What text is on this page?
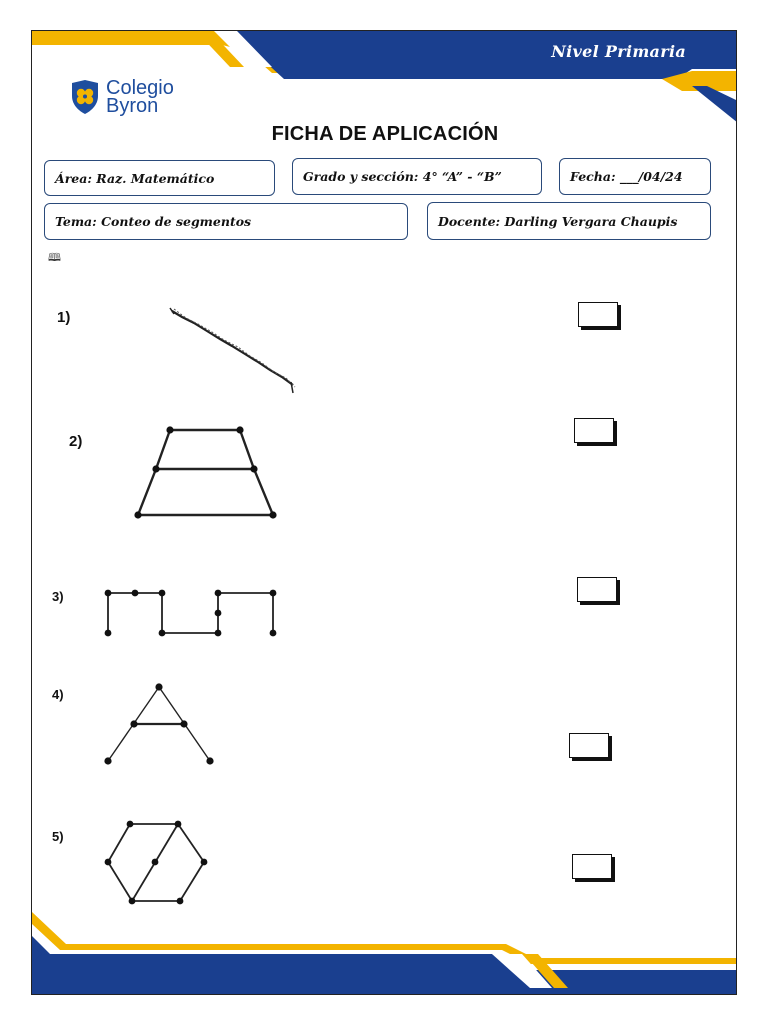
Nivel Primaria
Colegio
Byron
FICHA DE APLICACIÓN
Área: Raz. Matemático	Grado y sección: 4° “A” - “B”	Fecha: ___/04/24
Tema: Conteo de segmentos	Docente: Darling Vergara Chaupis
🕮
1)
2)
3)
4)
5)
